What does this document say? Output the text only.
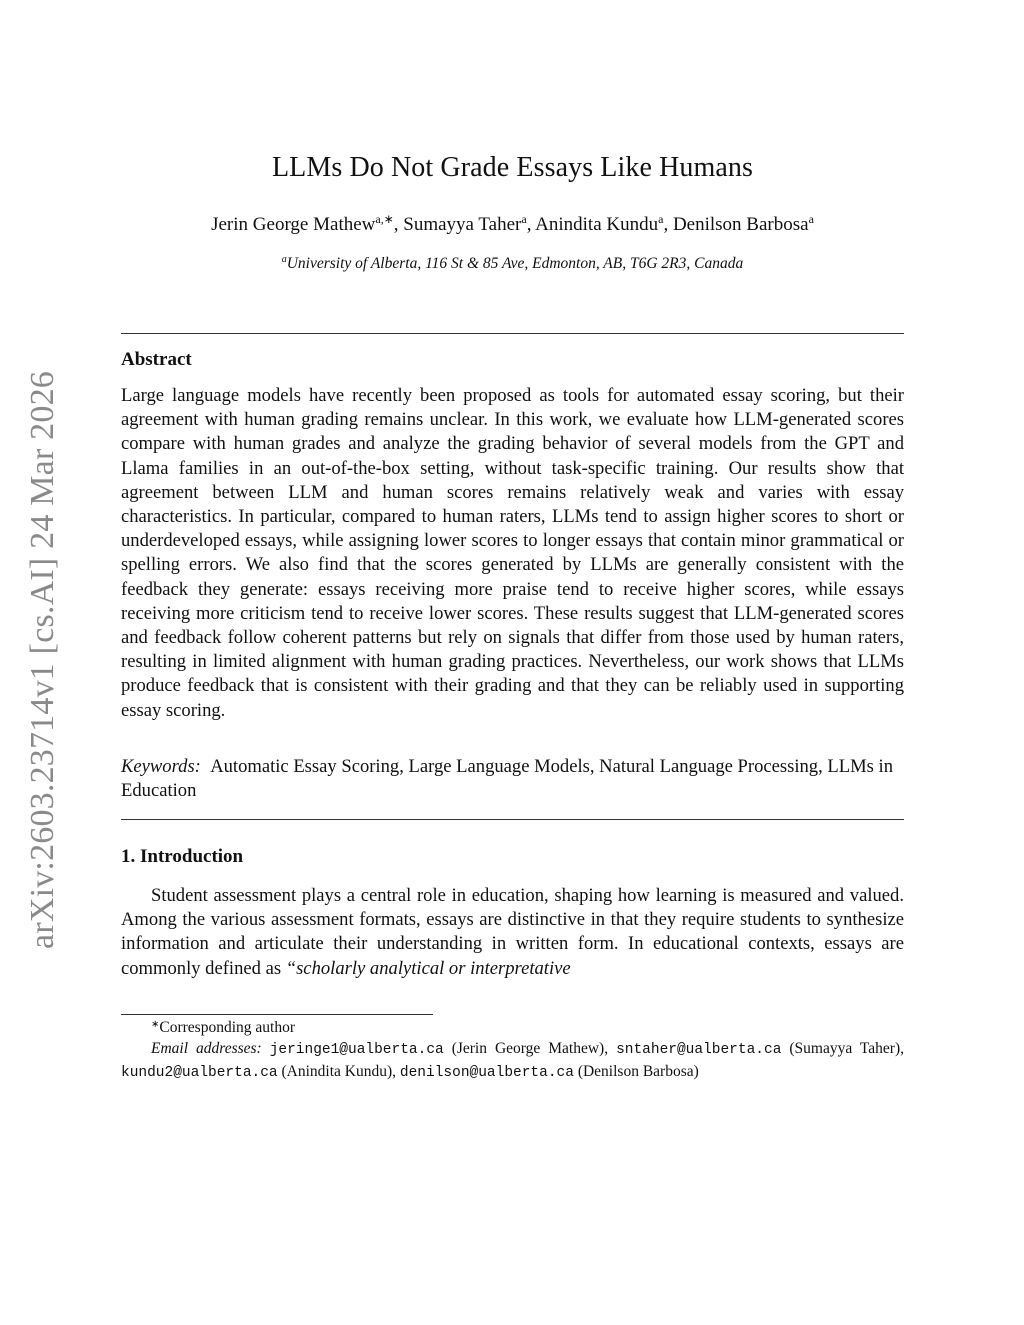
arXiv:2603.23714v1 [cs.AI] 24 Mar 2026
LLMs Do Not Grade Essays Like Humans
Jerin George Mathew$^{a,∗}$, Sumayya Taher$^a$, Anindita Kundu$^a$, Denilson Barbosa$^a$
$^a$University of Alberta, 116 St & 85 Ave, Edmonton, AB, T6G 2R3, Canada
Abstract

Large language models have recently been proposed as tools for automated essay scoring, but their agreement with human grading remains unclear. In this work, we evaluate how LLM-generated scores compare with human grades and analyze the grading behavior of several models from the GPT and Llama families in an out-of-the-box setting, without task-specific training. Our results show that agreement between LLM and human scores remains relatively weak and varies with essay characteristics. In particular, compared to human raters, LLMs tend to assign higher scores to short or underdeveloped essays, while assigning lower scores to longer essays that contain minor grammatical or spelling errors. We also find that the scores generated by LLMs are generally consistent with the feedback they generate: essays receiving more praise tend to receive higher scores, while essays receiving more criticism tend to receive lower scores. These results suggest that LLM-generated scores and feedback follow coherent patterns but rely on signals that differ from those used by human raters, resulting in limited alignment with human grading practices. Nevertheless, our work shows that LLMs produce feedback that is consistent with their grading and that they can be reliably used in supporting essay scoring.

Keywords: Automatic Essay Scoring, Large Language Models, Natural Language Processing, LLMs in Education
1. Introduction

Student assessment plays a central role in education, shaping how learning is measured and valued. Among the various assessment formats, essays are distinctive in that they require students to synthesize information and articulate their understanding in written form. In educational contexts, essays are commonly defined as “scholarly analytical or interpretative

∗Corresponding author

Email addresses: jeringe1@ualberta.ca (Jerin George Mathew), sntaher@ualberta.ca (Sumayya Taher), kundu2@ualberta.ca (Anindita Kundu), denilson@ualberta.ca (Denilson Barbosa)
